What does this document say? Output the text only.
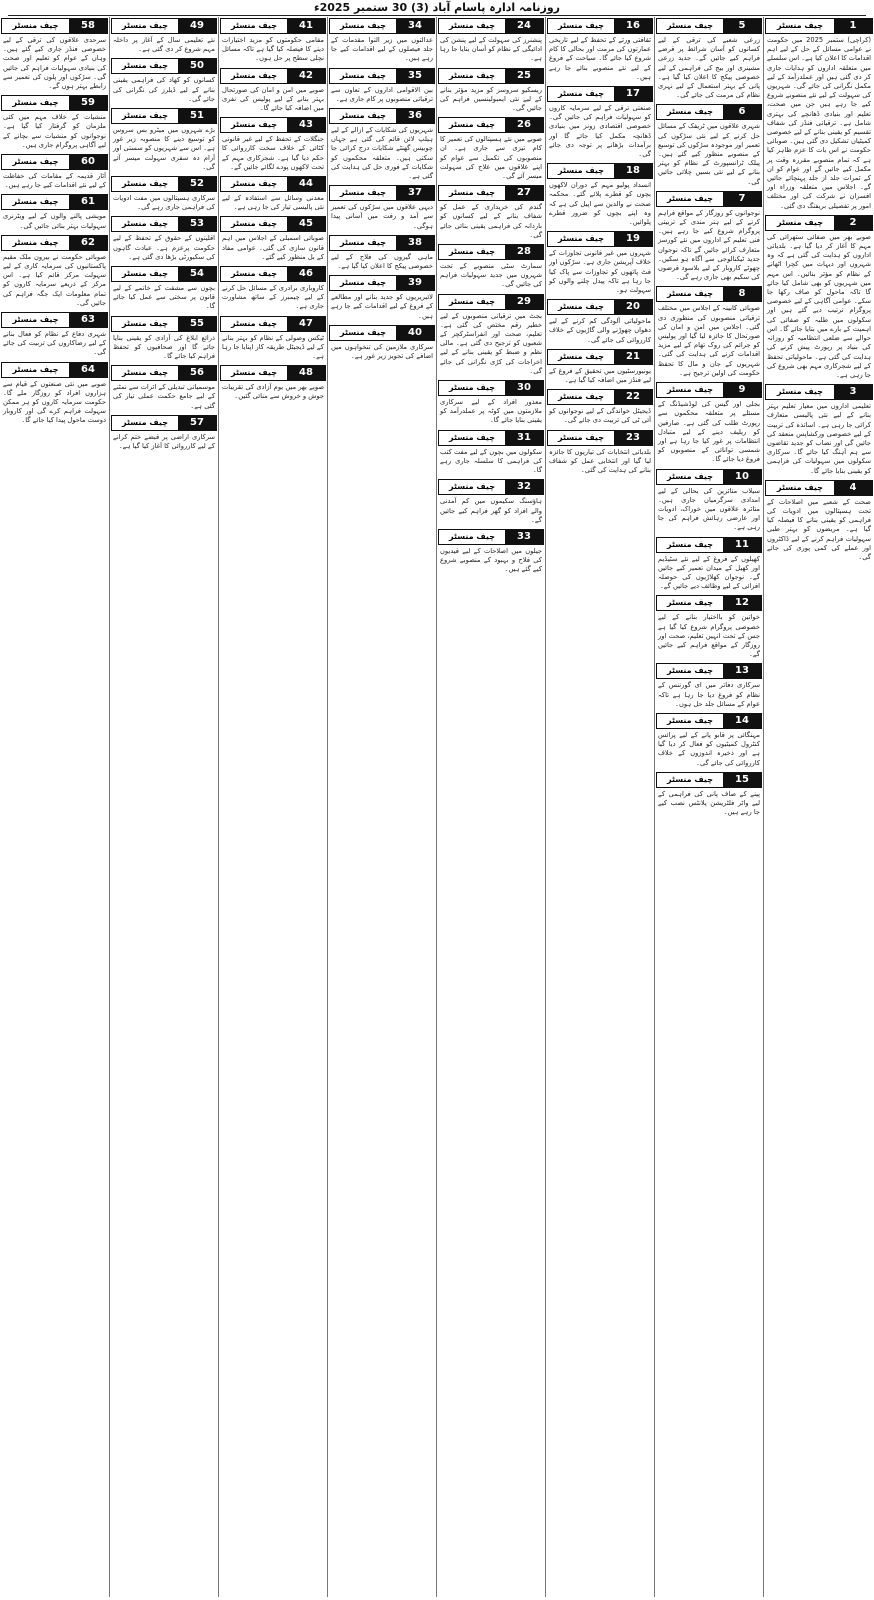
روزنامہ ادارہ پاسام آباد (3) 30 ستمبر 2025ء
1
چیف منسٹر
(کراچی) ستمبر 2025 میں حکومت نے عوامی مسائل کے حل کے لیے اہم اقدامات کا اعلان کیا ہے۔ اس سلسلے میں متعلقہ اداروں کو ہدایات جاری کر دی گئی ہیں اور عملدرآمد کے لیے مکمل نگرانی کی جائے گی۔ شہریوں کی سہولت کے لیے نئے منصوبے شروع کیے جا رہے ہیں جن میں صحت، تعلیم اور بنیادی ڈھانچے کی بہتری شامل ہے۔ ترقیاتی فنڈز کی شفاف تقسیم کو یقینی بنانے کے لیے خصوصی کمیٹیاں تشکیل دی گئی ہیں۔ صوبائی حکومت نے اس بات کا عزم ظاہر کیا ہے کہ تمام منصوبے مقررہ وقت پر مکمل کیے جائیں گے اور عوام کو ان کے ثمرات جلد از جلد پہنچائے جائیں گے۔ اجلاس میں متعلقہ وزراء اور افسران نے شرکت کی اور مختلف امور پر تفصیلی بریفنگ دی گئی۔
2
چیف منسٹر
صوبے بھر میں صفائی ستھرائی کی مہم کا آغاز کر دیا گیا ہے۔ بلدیاتی اداروں کو ہدایت کی گئی ہے کہ وہ شہروں اور دیہات میں کچرا اٹھانے کے نظام کو مؤثر بنائیں۔ اس مہم میں شہریوں کو بھی شامل کیا جائے گا تاکہ ماحول کو صاف رکھا جا سکے۔ عوامی آگاہی کے لیے خصوصی پروگرام ترتیب دیے گئے ہیں اور سکولوں میں طلبہ کو صفائی کی اہمیت کے بارے میں بتایا جائے گا۔ اس حوالے سے ضلعی انتظامیہ کو روزانہ کی بنیاد پر رپورٹ پیش کرنے کی ہدایت کی گئی ہے۔ ماحولیاتی تحفظ کے لیے شجرکاری مہم بھی شروع کی جا رہی ہے۔
3
چیف منسٹر
تعلیمی اداروں میں معیار تعلیم بہتر بنانے کے لیے نئی پالیسی متعارف کرائی جا رہی ہے۔ اساتذہ کی تربیت کے لیے خصوصی ورکشاپس منعقد کی جائیں گی اور نصاب کو جدید تقاضوں سے ہم آہنگ کیا جائے گا۔ سرکاری سکولوں میں سہولیات کی فراہمی کو یقینی بنایا جائے گا۔
4
چیف منسٹر
صحت کے شعبے میں اصلاحات کے تحت ہسپتالوں میں ادویات کی فراہمی کو یقینی بنانے کا فیصلہ کیا گیا ہے۔ مریضوں کو بہتر طبی سہولیات فراہم کرنے کے لیے ڈاکٹروں اور عملے کی کمی پوری کی جائے گی۔
5
چیف منسٹر
زرعی شعبے کی ترقی کے لیے کسانوں کو آسان شرائط پر قرضے فراہم کیے جائیں گے۔ جدید زرعی مشینری اور بیج کی فراہمی کے لیے خصوصی پیکج کا اعلان کیا گیا ہے۔ پانی کے بہتر استعمال کے لیے نہری نظام کی مرمت کی جائے گی۔
6
چیف منسٹر
شہری علاقوں میں ٹریفک کے مسائل حل کرنے کے لیے نئی سڑکوں کی تعمیر اور موجودہ سڑکوں کی توسیع کے منصوبے منظور کیے گئے ہیں۔ پبلک ٹرانسپورٹ کے نظام کو بہتر بنانے کے لیے نئی بسیں چلائی جائیں گی۔
7
چیف منسٹر
نوجوانوں کو روزگار کے مواقع فراہم کرنے کے لیے ہنر مندی کے تربیتی پروگرام شروع کیے جا رہے ہیں۔ فنی تعلیم کے اداروں میں نئے کورسز متعارف کرائے جائیں گے تاکہ نوجوان جدید ٹیکنالوجی سے آگاہ ہو سکیں۔ چھوٹے کاروبار کے لیے بلاسود قرضوں کی سکیم بھی جاری رہے گی۔
8
چیف منسٹر
صوبائی کابینہ کے اجلاس میں مختلف ترقیاتی منصوبوں کی منظوری دی گئی۔ اجلاس میں امن و امان کی صورتحال کا جائزہ لیا گیا اور پولیس کو جرائم کی روک تھام کے لیے مزید اقدامات کرنے کی ہدایت کی گئی۔ شہریوں کے جان و مال کا تحفظ حکومت کی اولین ترجیح ہے۔
9
چیف منسٹر
بجلی اور گیس کی لوڈشیڈنگ کے مسئلے پر متعلقہ محکموں سے رپورٹ طلب کی گئی ہے۔ صارفین کو ریلیف دینے کے لیے متبادل انتظامات پر غور کیا جا رہا ہے اور شمسی توانائی کے منصوبوں کو فروغ دیا جائے گا۔
10
چیف منسٹر
سیلاب متاثرین کی بحالی کے لیے امدادی سرگرمیاں جاری ہیں۔ متاثرہ علاقوں میں خوراک، ادویات اور عارضی رہائش فراہم کی جا رہی ہے۔
11
چیف منسٹر
کھیلوں کے فروغ کے لیے نئے سٹیڈیم اور کھیل کے میدان تعمیر کیے جائیں گے۔ نوجوان کھلاڑیوں کی حوصلہ افزائی کے لیے وظائف دیے جائیں گے۔
12
چیف منسٹر
خواتین کو بااختیار بنانے کے لیے خصوصی پروگرام شروع کیا گیا ہے جس کے تحت انہیں تعلیم، صحت اور روزگار کے مواقع فراہم کیے جائیں گے۔
13
چیف منسٹر
سرکاری دفاتر میں ای گورننس کے نظام کو فروغ دیا جا رہا ہے تاکہ عوام کے مسائل جلد حل ہوں۔
14
چیف منسٹر
مہنگائی پر قابو پانے کے لیے پرائس کنٹرول کمیٹیوں کو فعال کر دیا گیا ہے اور ذخیرہ اندوزوں کے خلاف کارروائی کی جائے گی۔
15
چیف منسٹر
پینے کے صاف پانی کی فراہمی کے لیے واٹر فلٹریشن پلانٹس نصب کیے جا رہے ہیں۔
16
چیف منسٹر
ثقافتی ورثے کے تحفظ کے لیے تاریخی عمارتوں کی مرمت اور بحالی کا کام شروع کیا جائے گا۔ سیاحت کے فروغ کے لیے نئے منصوبے بنائے جا رہے ہیں۔
17
چیف منسٹر
صنعتی ترقی کے لیے سرمایہ کاروں کو سہولیات فراہم کی جائیں گی۔ خصوصی اقتصادی زونز میں بنیادی ڈھانچہ مکمل کیا جائے گا اور برآمدات بڑھانے پر توجہ دی جائے گی۔
18
چیف منسٹر
انسداد پولیو مہم کے دوران لاکھوں بچوں کو قطرے پلائے گئے۔ محکمہ صحت نے والدین سے اپیل کی ہے کہ وہ اپنے بچوں کو ضرور قطرے پلوائیں۔
19
چیف منسٹر
شہروں میں غیر قانونی تجاوزات کے خلاف آپریشن جاری ہے۔ سڑکوں اور فٹ پاتھوں کو تجاوزات سے پاک کیا جا رہا ہے تاکہ پیدل چلنے والوں کو سہولت ہو۔
20
چیف منسٹر
ماحولیاتی آلودگی کم کرنے کے لیے دھواں چھوڑنے والی گاڑیوں کے خلاف کارروائی کی جائے گی۔
21
چیف منسٹر
یونیورسٹیوں میں تحقیق کے فروغ کے لیے فنڈز میں اضافہ کیا گیا ہے۔
22
چیف منسٹر
ڈیجیٹل خواندگی کے لیے نوجوانوں کو آئی ٹی کی تربیت دی جائے گی۔
23
چیف منسٹر
بلدیاتی انتخابات کی تیاریوں کا جائزہ لیا گیا اور انتخابی عمل کو شفاف بنانے کی ہدایت کی گئی۔
24
چیف منسٹر
پنشنرز کی سہولت کے لیے پنشن کی ادائیگی کے نظام کو آسان بنایا جا رہا ہے۔
25
چیف منسٹر
ریسکیو سروسز کو مزید مؤثر بنانے کے لیے نئی ایمبولینسیں فراہم کی جائیں گی۔
26
چیف منسٹر
صوبے میں نئے ہسپتالوں کی تعمیر کا کام تیزی سے جاری ہے۔ ان منصوبوں کی تکمیل سے عوام کو اپنے علاقوں میں علاج کی سہولت میسر آئے گی۔
27
چیف منسٹر
گندم کی خریداری کے عمل کو شفاف بنانے کے لیے کسانوں کو باردانہ کی فراہمی یقینی بنائی جائے گی۔
28
چیف منسٹر
سمارٹ سٹی منصوبے کے تحت شہروں میں جدید سہولیات فراہم کی جائیں گی۔
29
چیف منسٹر
بجٹ میں ترقیاتی منصوبوں کے لیے خطیر رقم مختص کی گئی ہے۔ تعلیم، صحت اور انفراسٹرکچر کے شعبوں کو ترجیح دی گئی ہے۔ مالی نظم و ضبط کو یقینی بنانے کے لیے اخراجات کی کڑی نگرانی کی جائے گی۔
30
چیف منسٹر
معذور افراد کے لیے سرکاری ملازمتوں میں کوٹہ پر عملدرآمد کو یقینی بنایا جائے گا۔
31
چیف منسٹر
سکولوں میں بچوں کے لیے مفت کتب کی فراہمی کا سلسلہ جاری رہے گا۔
32
چیف منسٹر
ہاؤسنگ سکیموں میں کم آمدنی والے افراد کو گھر فراہم کیے جائیں گے۔
33
چیف منسٹر
جیلوں میں اصلاحات کے لیے قیدیوں کی فلاح و بہبود کے منصوبے شروع کیے گئے ہیں۔
34
چیف منسٹر
عدالتوں میں زیر التوا مقدمات کے جلد فیصلوں کے لیے اقدامات کیے جا رہے ہیں۔
35
چیف منسٹر
بین الاقوامی اداروں کے تعاون سے ترقیاتی منصوبوں پر کام جاری ہے۔
36
چیف منسٹر
شہریوں کی شکایات کے ازالے کے لیے ہیلپ لائن قائم کی گئی ہے جہاں چوبیس گھنٹے شکایات درج کرائی جا سکتی ہیں۔ متعلقہ محکموں کو شکایات کے فوری حل کی ہدایت کی گئی ہے۔
37
چیف منسٹر
دیہی علاقوں میں سڑکوں کی تعمیر سے آمد و رفت میں آسانی پیدا ہوگی۔
38
چیف منسٹر
ماہی گیروں کی فلاح کے لیے خصوصی پیکج کا اعلان کیا گیا ہے۔
39
چیف منسٹر
لائبریریوں کو جدید بنانے اور مطالعے کے فروغ کے لیے اقدامات کیے جا رہے ہیں۔
40
چیف منسٹر
سرکاری ملازمین کی تنخواہوں میں اضافے کی تجویز زیر غور ہے۔
41
چیف منسٹر
مقامی حکومتوں کو مزید اختیارات دینے کا فیصلہ کیا گیا ہے تاکہ مسائل نچلی سطح پر حل ہوں۔
42
چیف منسٹر
صوبے میں امن و امان کی صورتحال بہتر بنانے کے لیے پولیس کی نفری میں اضافہ کیا جائے گا۔
43
چیف منسٹر
جنگلات کے تحفظ کے لیے غیر قانونی کٹائی کے خلاف سخت کارروائی کا حکم دیا گیا ہے۔ شجرکاری مہم کے تحت لاکھوں پودے لگائے جائیں گے۔
44
چیف منسٹر
معدنی وسائل سے استفادہ کے لیے نئی پالیسی تیار کی جا رہی ہے۔
45
چیف منسٹر
صوبائی اسمبلی کے اجلاس میں اہم قانون سازی کی گئی۔ عوامی مفاد کے بل منظور کیے گئے۔
46
چیف منسٹر
کاروباری برادری کے مسائل حل کرنے کے لیے چیمبرز کے ساتھ مشاورت جاری ہے۔
47
چیف منسٹر
ٹیکس وصولی کے نظام کو بہتر بنانے کے لیے ڈیجیٹل طریقہ کار اپنایا جا رہا ہے۔
48
چیف منسٹر
صوبے بھر میں یوم آزادی کی تقریبات جوش و خروش سے منائی گئیں۔
49
چیف منسٹر
نئے تعلیمی سال کے آغاز پر داخلہ مہم شروع کر دی گئی ہے۔
50
چیف منسٹر
کسانوں کو کھاد کی فراہمی یقینی بنانے کے لیے ڈیلرز کی نگرانی کی جائے گی۔
51
چیف منسٹر
بڑے شہروں میں میٹرو بس سروس کو توسیع دینے کا منصوبہ زیر غور ہے۔ اس سے شہریوں کو سستی اور آرام دہ سفری سہولت میسر آئے گی۔
52
چیف منسٹر
سرکاری ہسپتالوں میں مفت ادویات کی فراہمی جاری رہے گی۔
53
چیف منسٹر
اقلیتوں کے حقوق کے تحفظ کے لیے حکومت پرعزم ہے۔ عبادت گاہوں کی سکیورٹی بڑھا دی گئی ہے۔
54
چیف منسٹر
بچوں سے مشقت کے خاتمے کے لیے قانون پر سختی سے عمل کیا جائے گا۔
55
چیف منسٹر
ذرائع ابلاغ کی آزادی کو یقینی بنایا جائے گا اور صحافیوں کو تحفظ فراہم کیا جائے گا۔
56
چیف منسٹر
موسمیاتی تبدیلی کے اثرات سے نمٹنے کے لیے جامع حکمت عملی تیار کی گئی ہے۔
57
چیف منسٹر
سرکاری اراضی پر قبضے ختم کرانے کے لیے کارروائی کا آغاز کیا گیا ہے۔
58
چیف منسٹر
سرحدی علاقوں کی ترقی کے لیے خصوصی فنڈز جاری کیے گئے ہیں۔ وہاں کے عوام کو تعلیم اور صحت کی بنیادی سہولیات فراہم کی جائیں گی۔ سڑکوں اور پلوں کی تعمیر سے رابطے بہتر ہوں گے۔
59
چیف منسٹر
منشیات کے خلاف مہم میں کئی ملزمان کو گرفتار کیا گیا ہے۔ نوجوانوں کو منشیات سے بچانے کے لیے آگاہی پروگرام جاری ہیں۔
60
چیف منسٹر
آثار قدیمہ کے مقامات کی حفاظت کے لیے نئے اقدامات کیے جا رہے ہیں۔
61
چیف منسٹر
مویشی پالنے والوں کے لیے ویٹرنری سہولیات بہتر بنائی جائیں گی۔
62
چیف منسٹر
صوبائی حکومت نے بیرون ملک مقیم پاکستانیوں کی سرمایہ کاری کے لیے سہولت مرکز قائم کیا ہے۔ اس مرکز کے ذریعے سرمایہ کاروں کو تمام معلومات ایک جگہ فراہم کی جائیں گی۔
63
چیف منسٹر
شہری دفاع کے نظام کو فعال بنانے کے لیے رضاکاروں کی تربیت کی جائے گی۔
64
چیف منسٹر
صوبے میں نئی صنعتوں کے قیام سے ہزاروں افراد کو روزگار ملے گا۔ حکومت سرمایہ کاروں کو ہر ممکن سہولت فراہم کرے گی اور کاروبار دوست ماحول پیدا کیا جائے گا۔
